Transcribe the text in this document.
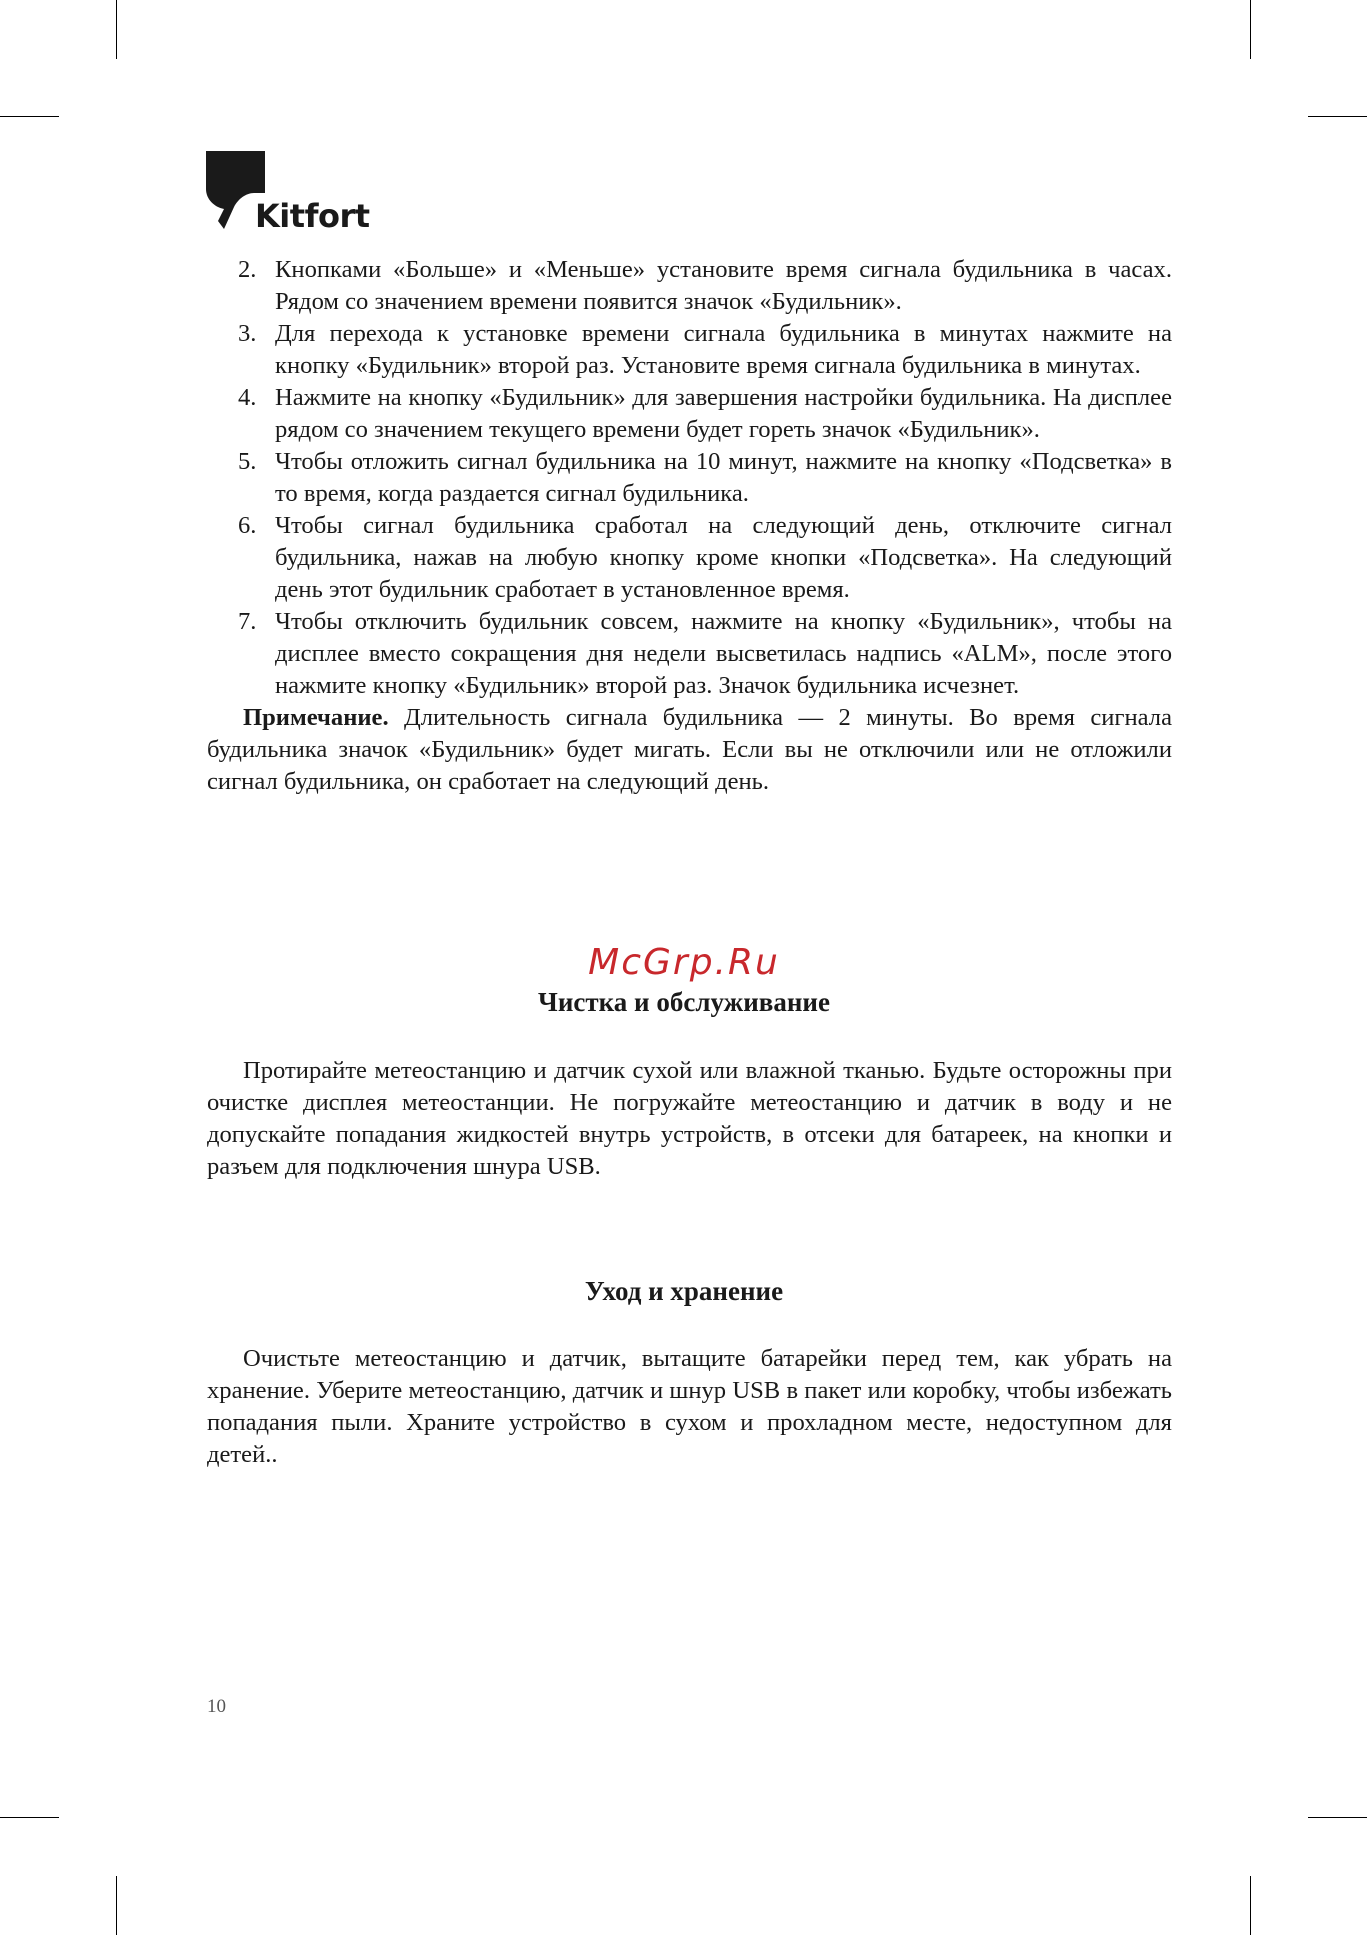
Kitfort
2. Кнопками «Больше» и «Меньше» установите время сигнала будильника в часах. Рядом со значением времени появится значок «Будильник».
3. Для перехода к установке времени сигнала будильника в минутах нажмите на кнопку «Будильник» второй раз. Установите время сигнала будильника в минутах.
4. Нажмите на кнопку «Будильник» для завершения настройки будильника. На дисплее рядом со значением текущего времени будет гореть значок «Будильник».
5. Чтобы отложить сигнал будильника на 10 минут, нажмите на кнопку «Подсветка» в то время, когда раздается сигнал будильника.
6. Чтобы сигнал будильника сработал на следующий день, отключите сигнал будильника, нажав на любую кнопку кроме кнопки «Подсветка». На следующий день этот будильник сработает в установленное время.
7. Чтобы отключить будильник совсем, нажмите на кнопку «Будильник», чтобы на дисплее вместо сокращения дня недели высветилась надпись «ALM», после этого нажмите кнопку «Будильник» второй раз. Значок будильника исчезнет.

Примечание. Длительность сигнала будильника — 2 минуты. Во время сигнала будильника значок «Будильник» будет мигать. Если вы не отключили или не отложили сигнал будильника, он сработает на следующий день.

McGrp.Ru
Чистка и обслуживание

Протирайте метеостанцию и датчик сухой или влажной тканью. Будьте осторожны при очистке дисплея метеостанции. Не погружайте метеостанцию и датчик в воду и не допускайте попадания жидкостей внутрь устройств, в отсеки для батареек, на кнопки и разъем для подключения шнура USB.

Уход и хранение

Очистьте метеостанцию и датчик, вытащите батарейки перед тем, как убрать на хранение. Уберите метеостанцию, датчик и шнур USB в пакет или коробку, чтобы избежать попадания пыли. Храните устройство в сухом и прохладном месте, недоступном для детей..

10
